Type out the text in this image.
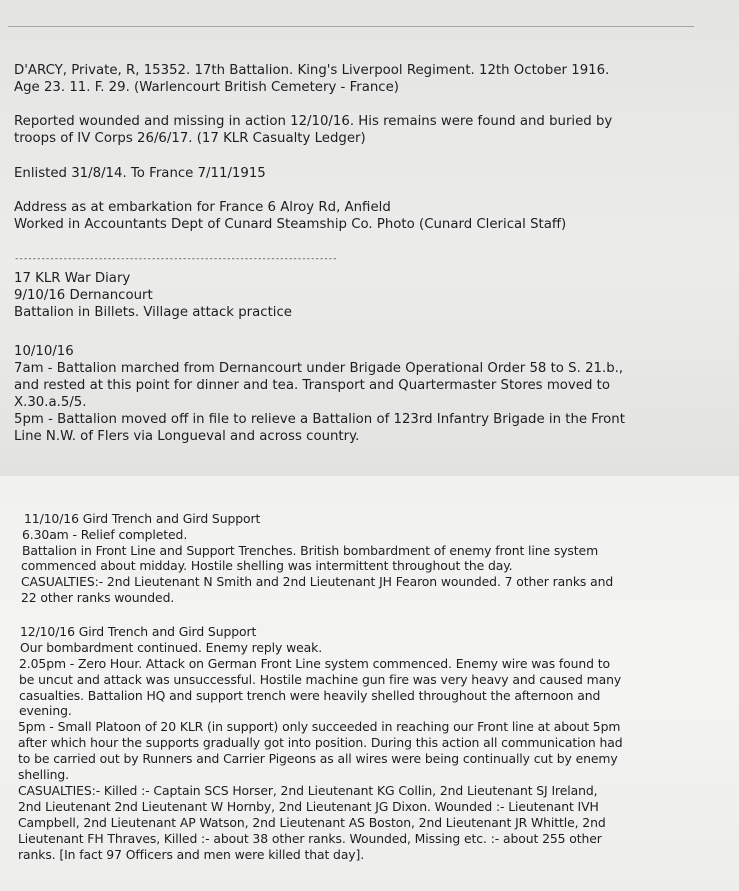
D'ARCY, Private, R, 15352. 17th Battalion. King's Liverpool Regiment. 12th October 1916.

Age 23. 11. F. 29. (Warlencourt British Cemetery - France)

Reported wounded and missing in action 12/10/16. His remains were found and buried by

troops of IV Corps 26/6/17. (17 KLR Casualty Ledger)

Enlisted 31/8/14. To France 7/11/1915

Address as at embarkation for France 6 Alroy Rd, Anfield

Worked in Accountants Dept of Cunard Steamship Co. Photo (Cunard Clerical Staff)

-------------------------------------------------------------------------

17 KLR War Diary

9/10/16 Dernancourt

Battalion in Billets. Village attack practice

10/10/16

7am - Battalion marched from Dernancourt under Brigade Operational Order 58 to S. 21.b.,

and rested at this point for dinner and tea. Transport and Quartermaster Stores moved to

X.30.a.5/5.

5pm - Battalion moved off in file to relieve a Battalion of 123rd Infantry Brigade in the Front

Line N.W. of Flers via Longueval and across country.

11/10/16 Gird Trench and Gird Support

6.30am - Relief completed.

Battalion in Front Line and Support Trenches. British bombardment of enemy front line system

commenced about midday. Hostile shelling was intermittent throughout the day.

CASUALTIES:- 2nd Lieutenant N Smith and 2nd Lieutenant JH Fearon wounded. 7 other ranks and

22 other ranks wounded.

12/10/16 Gird Trench and Gird Support

Our bombardment continued. Enemy reply weak.

2.05pm - Zero Hour. Attack on German Front Line system commenced. Enemy wire was found to

be uncut and attack was unsuccessful. Hostile machine gun fire was very heavy and caused many

casualties. Battalion HQ and support trench were heavily shelled throughout the afternoon and

evening.

5pm - Small Platoon of 20 KLR (in support) only succeeded in reaching our Front line at about 5pm

after which hour the supports gradually got into position. During this action all communication had

to be carried out by Runners and Carrier Pigeons as all wires were being continually cut by enemy

shelling.

CASUALTIES:- Killed :- Captain SCS Horser, 2nd Lieutenant KG Collin, 2nd Lieutenant SJ Ireland,

2nd Lieutenant 2nd Lieutenant W Hornby, 2nd Lieutenant JG Dixon. Wounded :- Lieutenant IVH

Campbell, 2nd Lieutenant AP Watson, 2nd Lieutenant AS Boston, 2nd Lieutenant JR Whittle, 2nd

Lieutenant FH Thraves, Killed :- about 38 other ranks. Wounded, Missing etc. :- about 255 other

ranks. [In fact 97 Officers and men were killed that day].
